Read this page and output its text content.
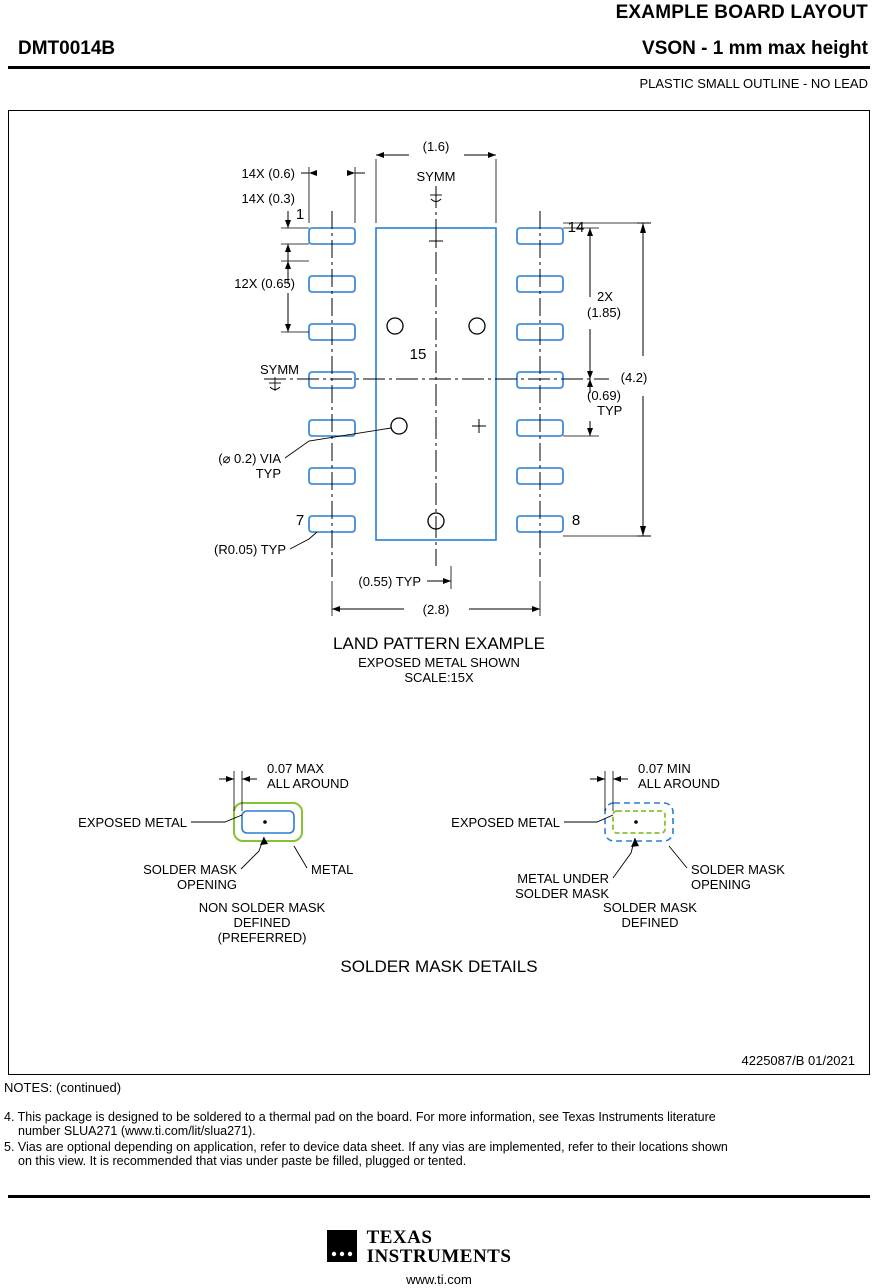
EXAMPLE BOARD LAYOUT
DMT0014B	VSON - 1 mm max height
PLASTIC SMALL OUTLINE - NO LEAD
(1.6)
SYMM
14X (0.6)
14X (0.3)
12X (0.65)
SYMM
2X
(1.85)
(0.69)
TYP
(4.2)
(2.8)
(0.55) TYP
(⌀ 0.2) VIA
TYP
(R0.05) TYP
1
7	8
14
15
LAND PATTERN EXAMPLE
EXPOSED METAL SHOWN
SCALE:15X
0.07 MAX
ALL AROUND
EXPOSED METAL
SOLDER MASK
OPENING
METAL
NON SOLDER MASK
DEFINED
(PREFERRED)
0.07 MIN
ALL AROUND
EXPOSED METAL
METAL UNDER
SOLDER MASK
SOLDER MASK
OPENING
SOLDER MASK
DEFINED
SOLDER MASK DETAILS
4225087/B 01/2021
NOTES: (continued)
4. This package is designed to be soldered to a thermal pad on the board. For more information, see Texas Instruments literature
number SLUA271 (www.ti.com/lit/slua271).
5. Vias are optional depending on application, refer to device data sheet. If any vias are implemented, refer to their locations shown
on this view. It is recommended that vias under paste be filled, plugged or tented.
TI TEXAS
INSTRUMENTS
www.ti.com
